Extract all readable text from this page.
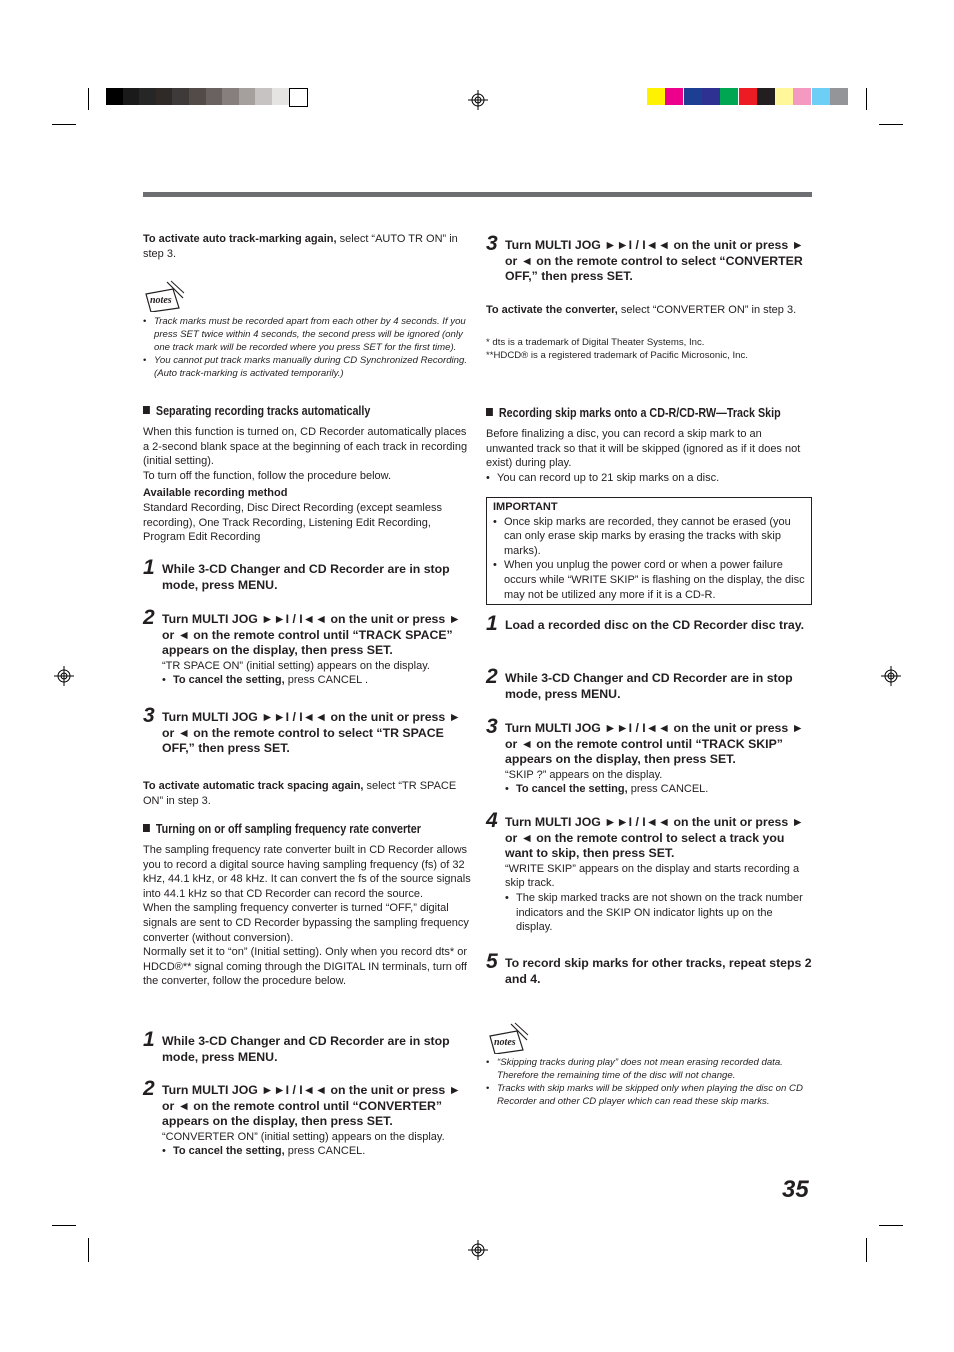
To activate auto track-marking again, select “AUTO TR ON” in step 3.

notes
• Track marks must be recorded apart from each other by 4 seconds. If you press SET twice within 4 seconds, the second press will be ignored (only one track mark will be recorded where you press SET for the first time).
• You cannot put track marks manually during CD Synchronized Recording. (Auto track-marking is activated temporarily.)
Separating recording tracks automatically

When this function is turned on, CD Recorder automatically places a 2-second blank space at the beginning of each track in recording (initial setting).

To turn off the function, follow the procedure below.

Available recording method

Standard Recording, Disc Direct Recording (except seamless recording), One Track Recording, Listening Edit Recording, Program Edit Recording

1 While 3-CD Changer and CD Recorder are in stop mode, press MENU.
2 Turn MULTI JOG ►►I / I◄◄ on the unit or press ► or ◄ on the remote control until “TRACK SPACE” appears on the display, then press SET.
“TR SPACE ON” (initial setting) appears on the display.
• To cancel the setting, press CANCEL .
3 Turn MULTI JOG ►►I / I◄◄ on the unit or press ► or ◄ on the remote control to select “TR SPACE OFF,” then press SET.

To activate automatic track spacing again, select “TR SPACE ON” in step 3.

Turning on or off sampling frequency rate converter

The sampling frequency rate converter built in CD Recorder allows you to record a digital source having sampling frequency (fs) of 32 kHz, 44.1 kHz, or 48 kHz. It can convert the fs of the source signals into 44.1 kHz so that CD Recorder can record the source.

When the sampling frequency converter is turned “OFF,” digital signals are sent to CD Recorder bypassing the sampling frequency converter (without conversion).

Normally set it to “on” (Initial setting). Only when you record dts* or HDCD®** signal coming through the DIGITAL IN terminals, turn off the converter, follow the procedure below.

1 While 3-CD Changer and CD Recorder are in stop mode, press MENU.
2 Turn MULTI JOG ►►I / I◄◄ on the unit or press ► or ◄ on the remote control until “CONVERTER” appears on the display, then press SET.
“CONVERTER ON” (initial setting) appears on the display.
• To cancel the setting, press CANCEL.
3 Turn MULTI JOG ►►I / I◄◄ on the unit or press ► or ◄ on the remote control to select “CONVERTER OFF,” then press SET.

To activate the converter, select “CONVERTER ON” in step 3.

* dts is a trademark of Digital Theater Systems, Inc.

**HDCD® is a registered trademark of Pacific Microsonic, Inc.

Recording skip marks onto a CD-R/CD-RW—Track Skip

Before finalizing a disc, you can record a skip mark to an unwanted track so that it will be skipped (ignored as if it does not exist) during play.

• You can record up to 21 skip marks on a disc.

IMPORTANT

• Once skip marks are recorded, they cannot be erased (you can only erase skip marks by erasing the tracks with skip marks).

• When you unplug the power cord or when a power failure occurs while “WRITE SKIP” is flashing on the display, the disc may not be utilized any more if it is a CD-R.

1 Load a recorded disc on the CD Recorder disc tray.
2 While 3-CD Changer and CD Recorder are in stop mode, press MENU.
3 Turn MULTI JOG ►►I / I◄◄ on the unit or press ► or ◄ on the remote control until “TRACK SKIP” appears on the display, then press SET.
“SKIP ?” appears on the display.
• To cancel the setting, press CANCEL.
4 Turn MULTI JOG ►►I / I◄◄ on the unit or press ► or ◄ on the remote control to select a track you want to skip, then press SET.
“WRITE SKIP” appears on the display and starts recording a skip track.
• The skip marked tracks are not shown on the track number indicators and the SKIP ON indicator lights up on the display.
5 To record skip marks for other tracks, repeat steps 2 and 4.
notes
• “Skipping tracks during play” does not mean erasing recorded data. Therefore the remaining time of the disc will not change.
• Tracks with skip marks will be skipped only when playing the disc on CD Recorder and other CD player which can read these skip marks.
35
